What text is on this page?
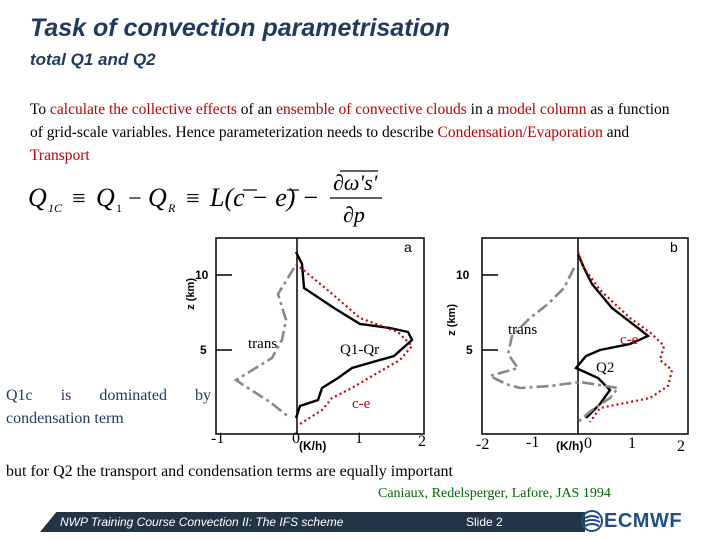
Task of convection parametrisation
total Q1 and Q2
To calculate the collective effects of an ensemble of convective clouds in a model column as a function of grid-scale variables. Hence parameterization needs to describe Condensation/Evaporation and Transport
Q 1C ≡ Q 1 − Q R ≡ L(c − e) −
∂ω's'
∂p
a
z (km)
10
5	trans	Q1-Qr
c-e
-1	0	1	2
(K/h)
b
z (km)
10
5
trans
Q2
c-e
-2 -1	0 1	2
(K/h)
Q1c is dominated by condensation term
but for Q2 the transport and condensation terms are equally important
Caniaux, Redelsperger, Lafore, JAS 1994
NWP Training Course Convection II: The IFS scheme	Slide 2	ECMWF
